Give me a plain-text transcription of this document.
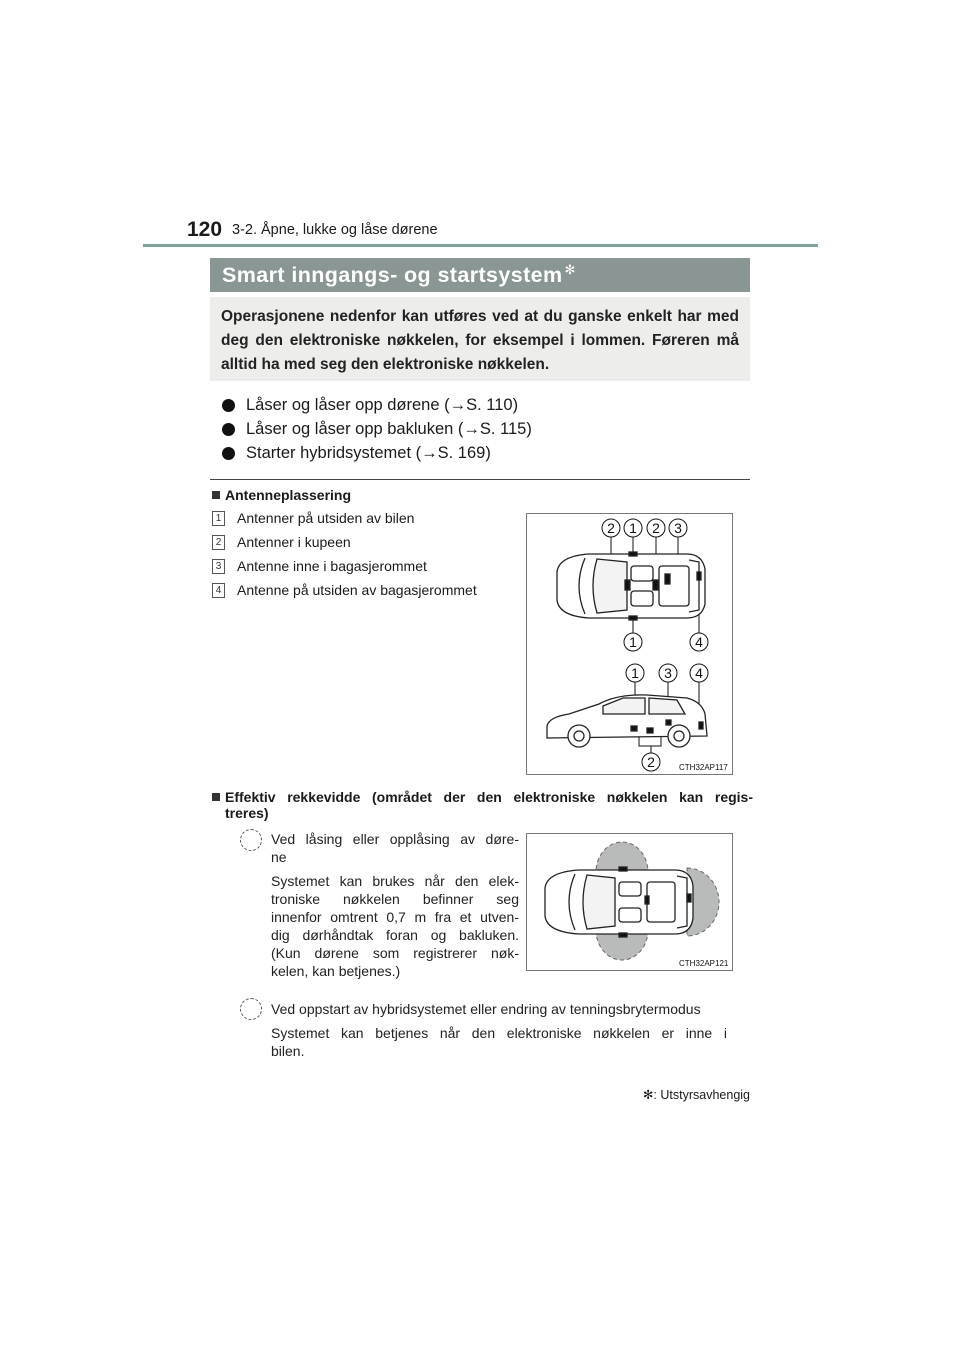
120 3-2. Åpne, lukke og låse dørene
Smart inngangs- og startsystem ✻
Operasjonene nedenfor kan utføres ved at du ganske enkelt har med deg den elektroniske nøkkelen, for eksempel i lommen. Føreren må alltid ha med seg den elektroniske nøkkelen.
Låser og låser opp dørene (→S. 110)
Låser og låser opp bakluken (→S. 115)
Starter hybridsystemet (→S. 169)
Antenneplassering
1 Antenner på utsiden av bilen
2 Antenner i kupeen
3 Antenne inne i bagasjerommet
4 Antenne på utsiden av bagasjerommet
2 1 2 3
1	4
1 3 4
2	CTH32AP117
Effektiv rekkevidde (området der den elektroniske nøkkelen kan regis-
treres)
Ved låsing eller opplåsing av døre-
ne
Systemet kan brukes når den elek-
troniske nøkkelen befinner seg
innenfor omtrent 0,7 m fra et utven-
dig dørhåndtak foran og bakluken.
(Kun dørene som registrerer nøk-
kelen, kan betjenes.)	CTH32AP121
Ved oppstart av hybridsystemet eller endring av tenningsbrytermodus
Systemet kan betjenes når den elektroniske nøkkelen er inne i
bilen.
✻: Utstyrsavhengig
